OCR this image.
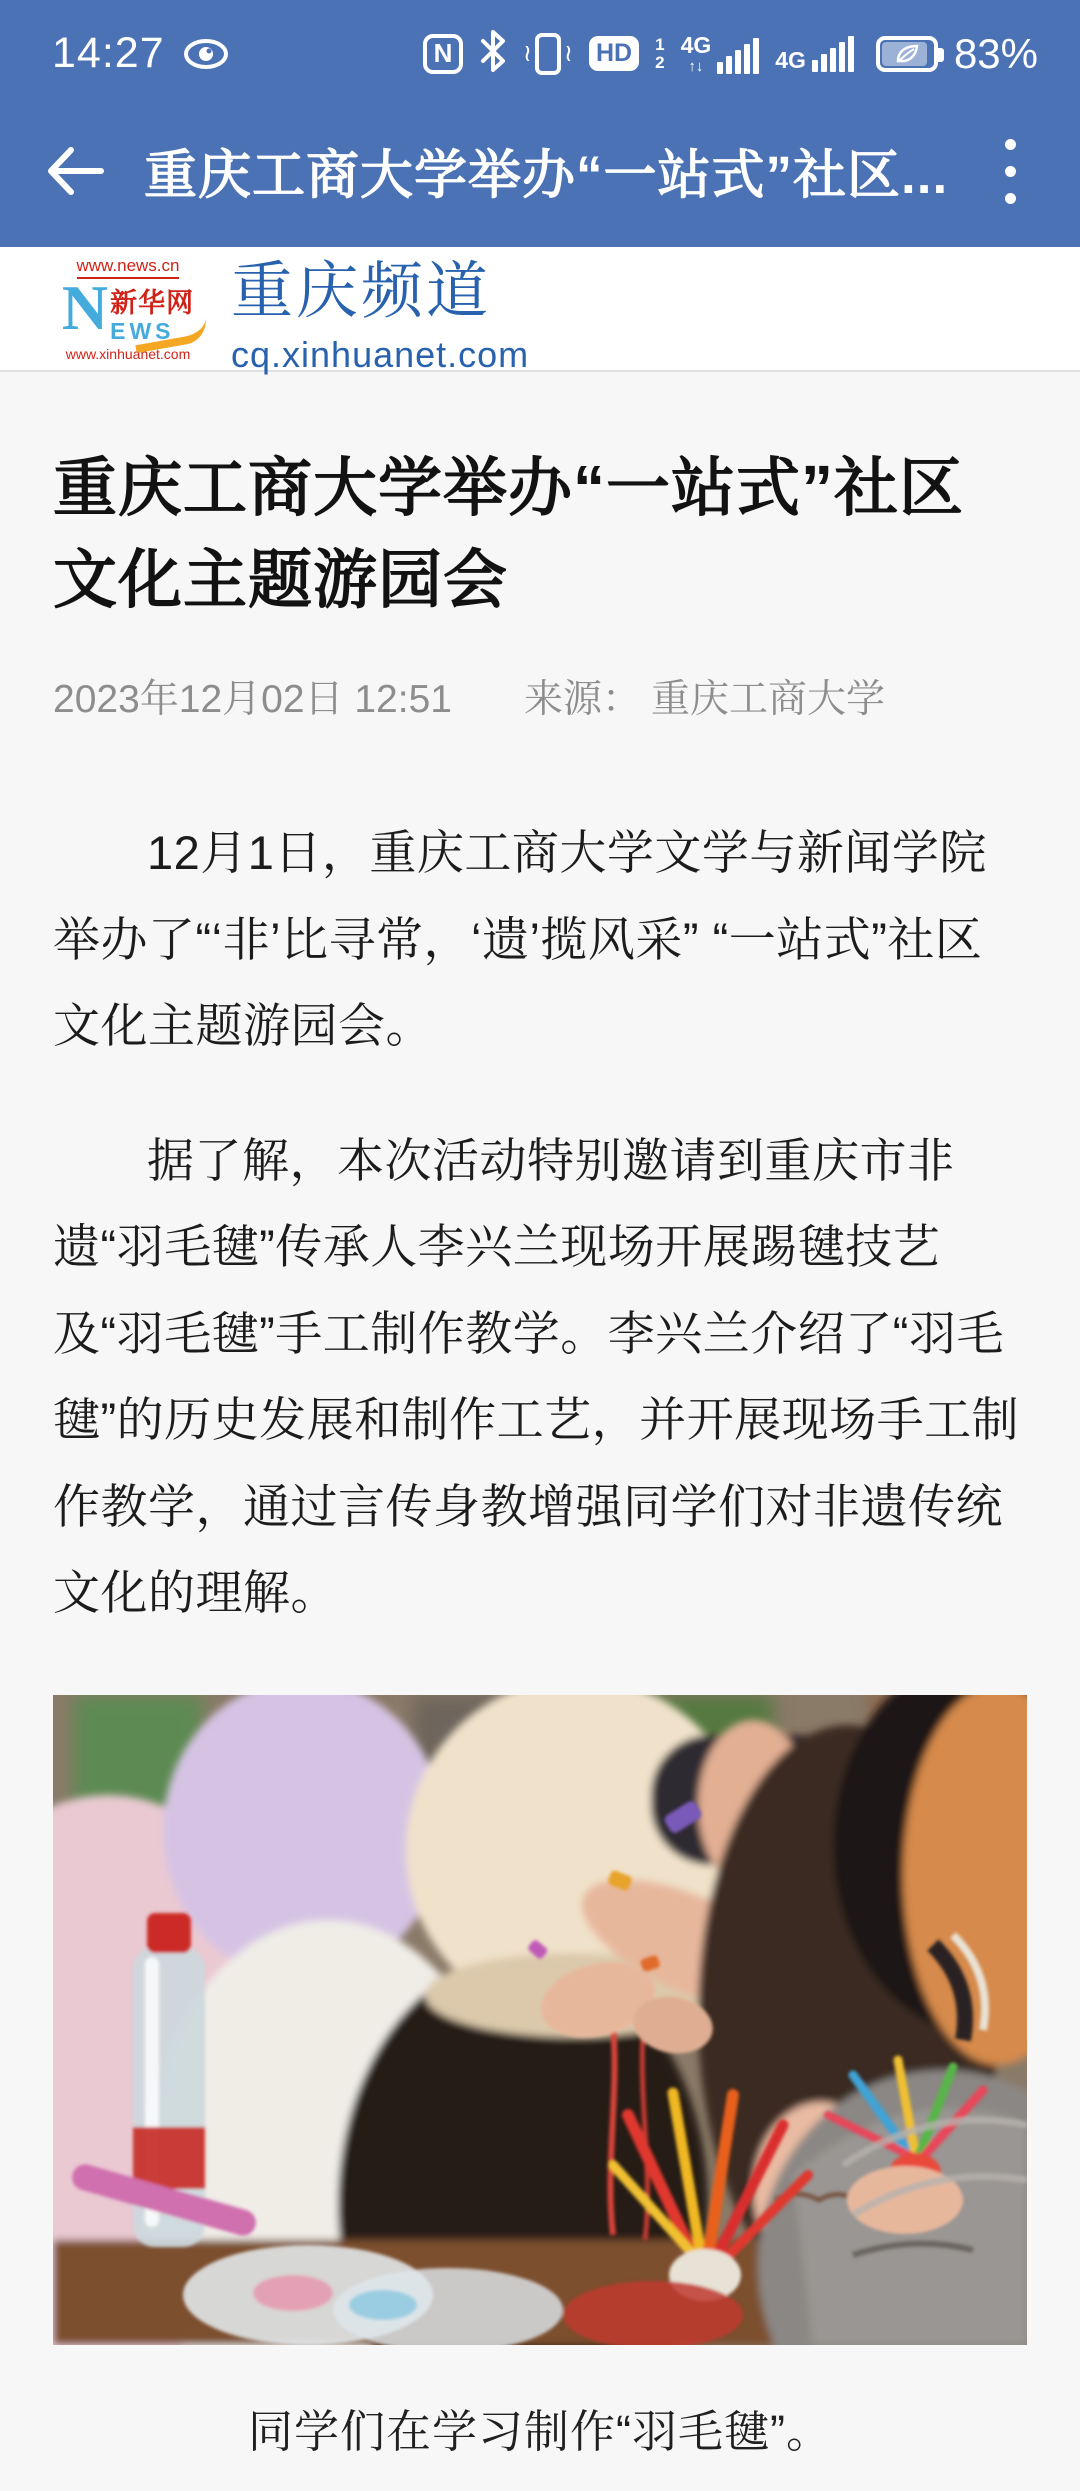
14:27	N	≀ ≀ HD	1
2
4G
↑↓	4G	83%
重庆工商大学举办“一站式”社区...
www.news.cn
N 新华网
EWS
www.xinhuanet.com
重庆频道
cq.xinhuanet.com
重庆工商大学举办“一站式”社区文化主题游园会
2023年12月02日 12:51 来源： 重庆工商大学

12月1日，重庆工商大学文学与新闻学院举办了“‘非’比寻常，‘遗’揽风采” “一站式”社区文化主题游园会。

据了解，本次活动特别邀请到重庆市非遗“羽毛毽”传承人李兴兰现场开展踢毽技艺及“羽毛毽”手工制作教学。李兴兰介绍了“羽毛毽”的历史发展和制作工艺，并开展现场手工制作教学，通过言传身教增强同学们对非遗传统文化的理解。

同学们在学习制作“羽毛毽”。
